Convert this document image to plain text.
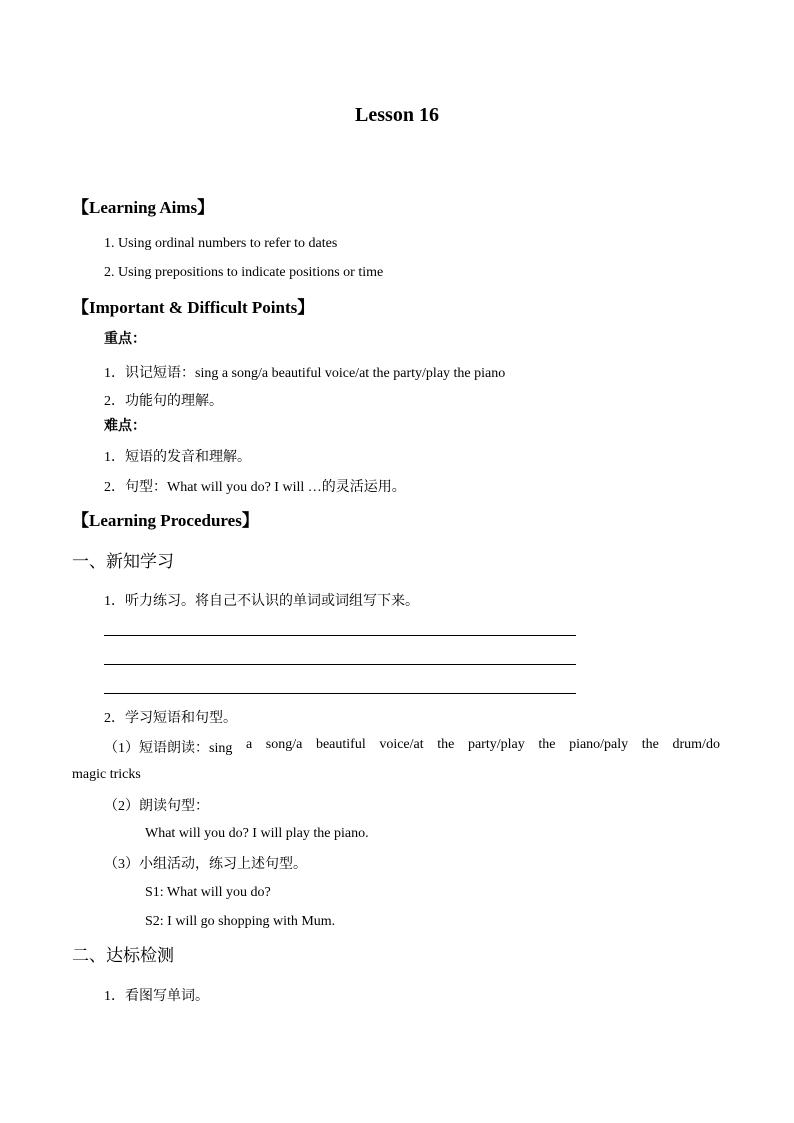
Lesson 16
【Learning Aims】
1. Using ordinal numbers to refer to dates
2. Using prepositions to indicate positions or time
【Important & Difficult Points】
重点：
1．识记短语：sing a song/a beautiful voice/at the party/play the piano
2．功能句的理解。
难点：
1．短语的发音和理解。
2．句型：What will you do? I will …的灵活运用。
【Learning Procedures】
一、新知学习
1．听力练习。将自己不认识的单词或词组写下来。
2．学习短语和句型。
（1）短语朗读：sing a song/a beautiful voice/at the party/play the piano/paly the drum/do
magic tricks
（2）朗读句型：
What will you do? I will play the piano.
（3）小组活动，练习上述句型。
S1: What will you do?
S2: I will go shopping with Mum.
二、达标检测
1．看图写单词。
